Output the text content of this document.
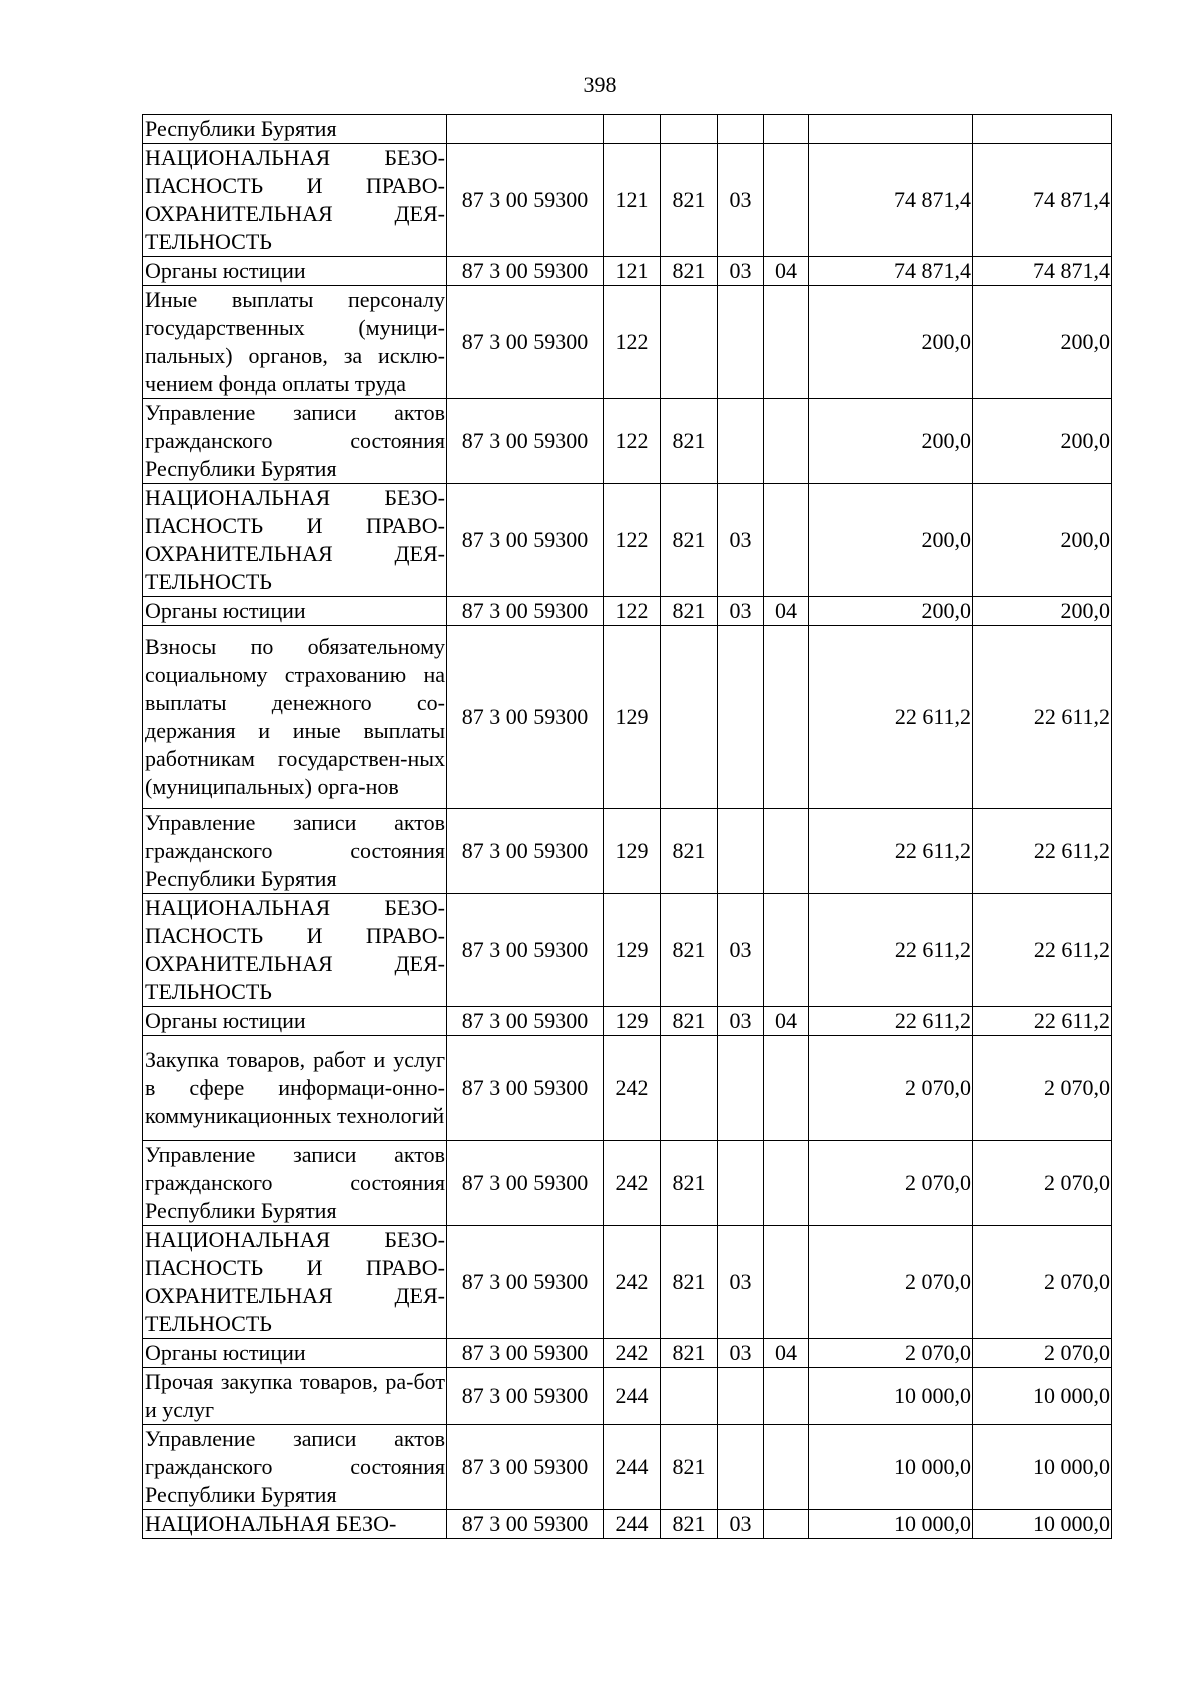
398
Республики Бурятия							
НАЦИОНАЛЬНАЯ БЕЗО-ПАСНОСТЬ И ПРАВО-ОХРАНИТЕЛЬНАЯ ДЕЯ-ТЕЛЬНОСТЬ	87 3 00 59300	121	821	03		74 871,4	74 871,4
Органы юстиции	87 3 00 59300	121	821	03	04	74 871,4	74 871,4
Иные выплаты персоналу государственных (муници-пальных) органов, за исклю-чением фонда оплаты труда	87 3 00 59300	122				200,0	200,0
Управление записи актов гражданского состояния Республики Бурятия	87 3 00 59300	122	821			200,0	200,0
НАЦИОНАЛЬНАЯ БЕЗО-ПАСНОСТЬ И ПРАВО-ОХРАНИТЕЛЬНАЯ ДЕЯ-ТЕЛЬНОСТЬ	87 3 00 59300	122	821	03		200,0	200,0
Органы юстиции	87 3 00 59300	122	821	03	04	200,0	200,0
Взносы по обязательному социальному страхованию на выплаты денежного со-держания и иные выплаты работникам государствен-ных (муниципальных) орга-нов	87 3 00 59300	129				22 611,2	22 611,2
Управление записи актов гражданского состояния Республики Бурятия	87 3 00 59300	129	821			22 611,2	22 611,2
НАЦИОНАЛЬНАЯ БЕЗО-ПАСНОСТЬ И ПРАВО-ОХРАНИТЕЛЬНАЯ ДЕЯ-ТЕЛЬНОСТЬ	87 3 00 59300	129	821	03		22 611,2	22 611,2
Органы юстиции	87 3 00 59300	129	821	03	04	22 611,2	22 611,2
Закупка товаров, работ и услуг в сфере информаци-онно-коммуникационных технологий	87 3 00 59300	242				2 070,0	2 070,0
Управление записи актов гражданского состояния Республики Бурятия	87 3 00 59300	242	821			2 070,0	2 070,0
НАЦИОНАЛЬНАЯ БЕЗО-ПАСНОСТЬ И ПРАВО-ОХРАНИТЕЛЬНАЯ ДЕЯ-ТЕЛЬНОСТЬ	87 3 00 59300	242	821	03		2 070,0	2 070,0
Органы юстиции	87 3 00 59300	242	821	03	04	2 070,0	2 070,0
Прочая закупка товаров, ра-бот и услуг	87 3 00 59300	244				10 000,0	10 000,0
Управление записи актов гражданского состояния Республики Бурятия	87 3 00 59300	244	821			10 000,0	10 000,0
НАЦИОНАЛЬНАЯ БЕЗО-	87 3 00 59300	244	821	03		10 000,0	10 000,0
